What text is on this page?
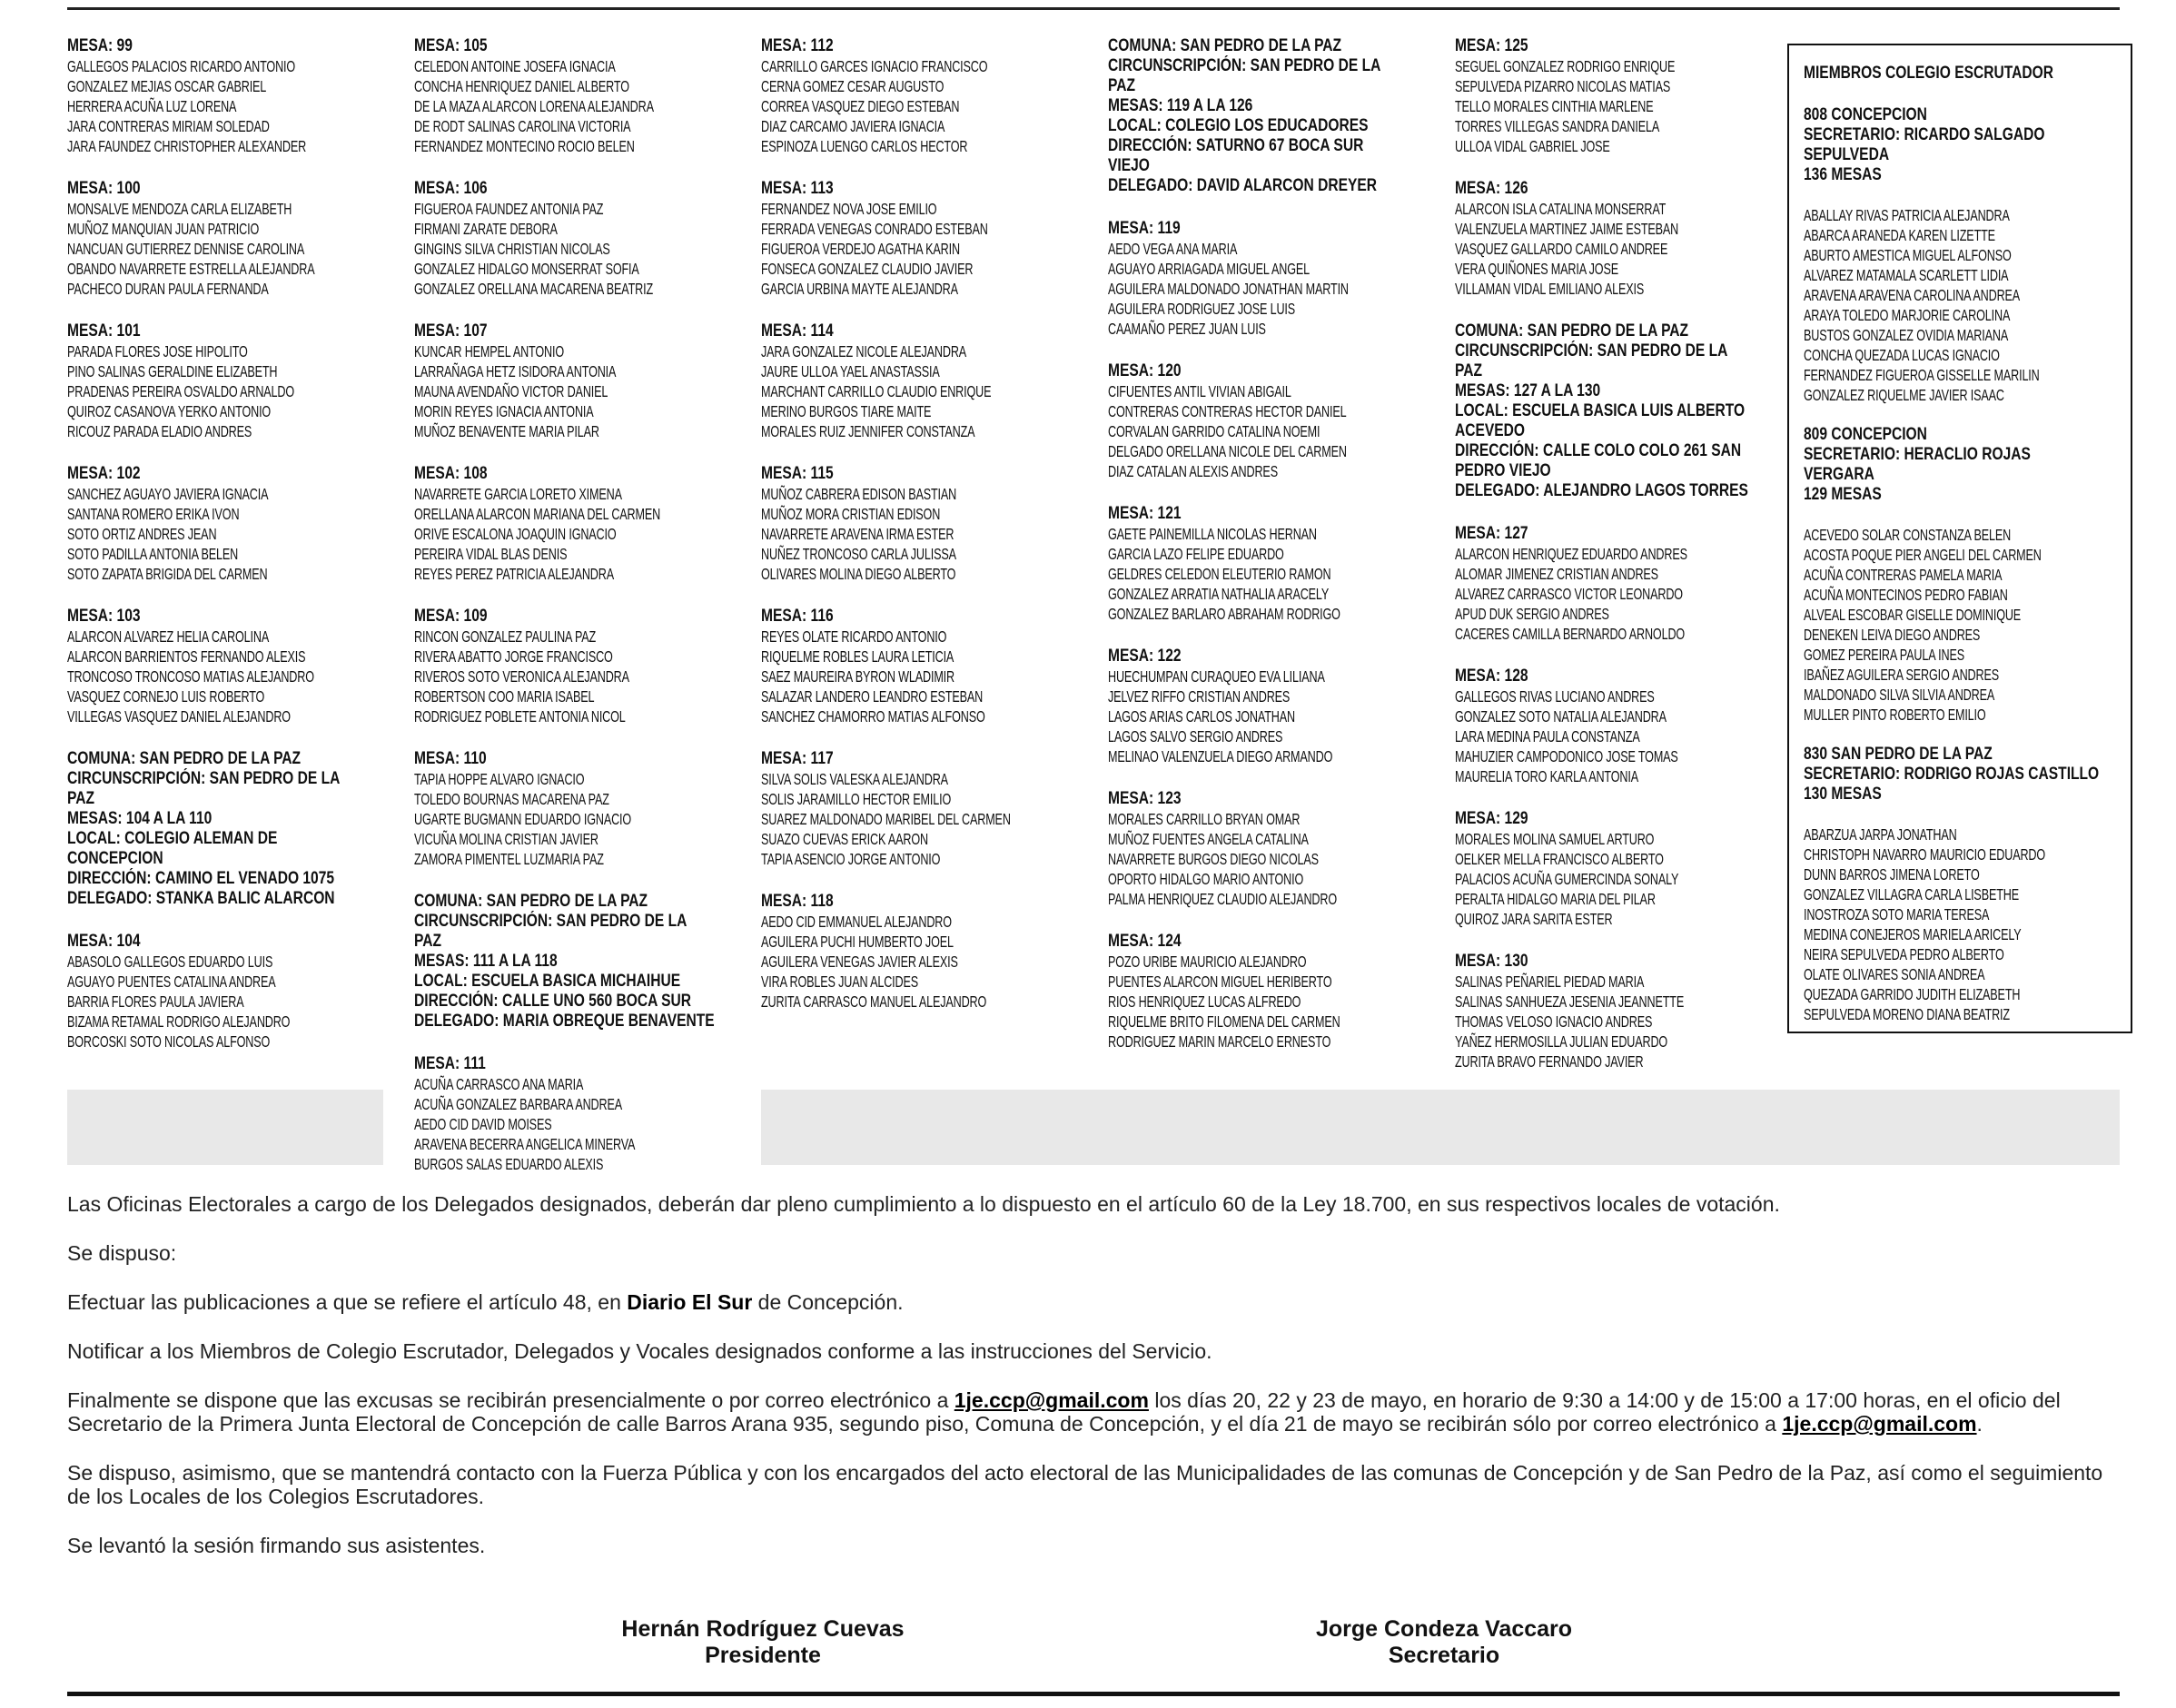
MESA: 99
GALLEGOS PALACIOS RICARDO ANTONIO
GONZALEZ MEJIAS OSCAR GABRIEL
HERRERA ACUÑA LUZ LORENA
JARA CONTRERAS MIRIAM SOLEDAD
JARA FAUNDEZ CHRISTOPHER ALEXANDER
MESA: 100
MONSALVE MENDOZA CARLA ELIZABETH
MUÑOZ MANQUIAN JUAN PATRICIO
NANCUAN GUTIERREZ DENNISE CAROLINA
OBANDO NAVARRETE ESTRELLA ALEJANDRA
PACHECO DURAN PAULA FERNANDA
MESA: 101
PARADA FLORES JOSE HIPOLITO
PINO SALINAS GERALDINE ELIZABETH
PRADENAS PEREIRA OSVALDO ARNALDO
QUIROZ CASANOVA YERKO ANTONIO
RICOUZ PARADA ELADIO ANDRES
MESA: 102
SANCHEZ AGUAYO JAVIERA IGNACIA
SANTANA ROMERO ERIKA IVON
SOTO ORTIZ ANDRES JEAN
SOTO PADILLA ANTONIA BELEN
SOTO ZAPATA BRIGIDA DEL CARMEN
MESA: 103
ALARCON ALVAREZ HELIA CAROLINA
ALARCON BARRIENTOS FERNANDO ALEXIS
TRONCOSO TRONCOSO MATIAS ALEJANDRO
VASQUEZ CORNEJO LUIS ROBERTO
VILLEGAS VASQUEZ DANIEL ALEJANDRO
COMUNA: SAN PEDRO DE LA PAZ
CIRCUNSCRIPCIÓN: SAN PEDRO DE LA
PAZ
MESAS: 104 A LA 110
LOCAL: COLEGIO ALEMAN DE
CONCEPCION
DIRECCIÓN: CAMINO EL VENADO 1075
DELEGADO: STANKA BALIC ALARCON
MESA: 104
ABASOLO GALLEGOS EDUARDO LUIS
AGUAYO PUENTES CATALINA ANDREA
BARRIA FLORES PAULA JAVIERA
BIZAMA RETAMAL RODRIGO ALEJANDRO
BORCOSKI SOTO NICOLAS ALFONSO
MESA: 105
CELEDON ANTOINE JOSEFA IGNACIA
CONCHA HENRIQUEZ DANIEL ALBERTO
DE LA MAZA ALARCON LORENA ALEJANDRA
DE RODT SALINAS CAROLINA VICTORIA
FERNANDEZ MONTECINO ROCIO BELEN
MESA: 106
FIGUEROA FAUNDEZ ANTONIA PAZ
FIRMANI ZARATE DEBORA
GINGINS SILVA CHRISTIAN NICOLAS
GONZALEZ HIDALGO MONSERRAT SOFIA
GONZALEZ ORELLANA MACARENA BEATRIZ
MESA: 107
KUNCAR HEMPEL ANTONIO
LARRAÑAGA HETZ ISIDORA ANTONIA
MAUNA AVENDAÑO VICTOR DANIEL
MORIN REYES IGNACIA ANTONIA
MUÑOZ BENAVENTE MARIA PILAR
MESA: 108
NAVARRETE GARCIA LORETO XIMENA
ORELLANA ALARCON MARIANA DEL CARMEN
ORIVE ESCALONA JOAQUIN IGNACIO
PEREIRA VIDAL BLAS DENIS
REYES PEREZ PATRICIA ALEJANDRA
MESA: 109
RINCON GONZALEZ PAULINA PAZ
RIVERA ABATTO JORGE FRANCISCO
RIVEROS SOTO VERONICA ALEJANDRA
ROBERTSON COO MARIA ISABEL
RODRIGUEZ POBLETE ANTONIA NICOL
MESA: 110
TAPIA HOPPE ALVARO IGNACIO
TOLEDO BOURNAS MACARENA PAZ
UGARTE BUGMANN EDUARDO IGNACIO
VICUÑA MOLINA CRISTIAN JAVIER
ZAMORA PIMENTEL LUZMARIA PAZ
COMUNA: SAN PEDRO DE LA PAZ
CIRCUNSCRIPCIÓN: SAN PEDRO DE LA
PAZ
MESAS: 111 A LA 118
LOCAL: ESCUELA BASICA MICHAIHUE
DIRECCIÓN: CALLE UNO 560 BOCA SUR
DELEGADO: MARIA OBREQUE BENAVENTE
MESA: 111
ACUÑA CARRASCO ANA MARIA
ACUÑA GONZALEZ BARBARA ANDREA
AEDO CID DAVID MOISES
ARAVENA BECERRA ANGELICA MINERVA
BURGOS SALAS EDUARDO ALEXIS
MESA: 112
CARRILLO GARCES IGNACIO FRANCISCO
CERNA GOMEZ CESAR AUGUSTO
CORREA VASQUEZ DIEGO ESTEBAN
DIAZ CARCAMO JAVIERA IGNACIA
ESPINOZA LUENGO CARLOS HECTOR
MESA: 113
FERNANDEZ NOVA JOSE EMILIO
FERRADA VENEGAS CONRADO ESTEBAN
FIGUEROA VERDEJO AGATHA KARIN
FONSECA GONZALEZ CLAUDIO JAVIER
GARCIA URBINA MAYTE ALEJANDRA
MESA: 114
JARA GONZALEZ NICOLE ALEJANDRA
JAURE ULLOA YAEL ANASTASSIA
MARCHANT CARRILLO CLAUDIO ENRIQUE
MERINO BURGOS TIARE MAITE
MORALES RUIZ JENNIFER CONSTANZA
MESA: 115
MUÑOZ CABRERA EDISON BASTIAN
MUÑOZ MORA CRISTIAN EDISON
NAVARRETE ARAVENA IRMA ESTER
NUÑEZ TRONCOSO CARLA JULISSA
OLIVARES MOLINA DIEGO ALBERTO
MESA: 116
REYES OLATE RICARDO ANTONIO
RIQUELME ROBLES LAURA LETICIA
SAEZ MAUREIRA BYRON WLADIMIR
SALAZAR LANDERO LEANDRO ESTEBAN
SANCHEZ CHAMORRO MATIAS ALFONSO
MESA: 117
SILVA SOLIS VALESKA ALEJANDRA
SOLIS JARAMILLO HECTOR EMILIO
SUAREZ MALDONADO MARIBEL DEL CARMEN
SUAZO CUEVAS ERICK AARON
TAPIA ASENCIO JORGE ANTONIO
MESA: 118
AEDO CID EMMANUEL ALEJANDRO
AGUILERA PUCHI HUMBERTO JOEL
AGUILERA VENEGAS JAVIER ALEXIS
VIRA ROBLES JUAN ALCIDES
ZURITA CARRASCO MANUEL ALEJANDRO
COMUNA: SAN PEDRO DE LA PAZ
CIRCUNSCRIPCIÓN: SAN PEDRO DE LA
PAZ
MESAS: 119 A LA 126
LOCAL: COLEGIO LOS EDUCADORES
DIRECCIÓN: SATURNO 67 BOCA SUR
VIEJO
DELEGADO: DAVID ALARCON DREYER
MESA: 119
AEDO VEGA ANA MARIA
AGUAYO ARRIAGADA MIGUEL ANGEL
AGUILERA MALDONADO JONATHAN MARTIN
AGUILERA RODRIGUEZ JOSE LUIS
CAAMAÑO PEREZ JUAN LUIS
MESA: 120
CIFUENTES ANTIL VIVIAN ABIGAIL
CONTRERAS CONTRERAS HECTOR DANIEL
CORVALAN GARRIDO CATALINA NOEMI
DELGADO ORELLANA NICOLE DEL CARMEN
DIAZ CATALAN ALEXIS ANDRES
MESA: 121
GAETE PAINEMILLA NICOLAS HERNAN
GARCIA LAZO FELIPE EDUARDO
GELDRES CELEDON ELEUTERIO RAMON
GONZALEZ ARRATIA NATHALIA ARACELY
GONZALEZ BARLARO ABRAHAM RODRIGO
MESA: 122
HUECHUMPAN CURAQUEO EVA LILIANA
JELVEZ RIFFO CRISTIAN ANDRES
LAGOS ARIAS CARLOS JONATHAN
LAGOS SALVO SERGIO ANDRES
MELINAO VALENZUELA DIEGO ARMANDO
MESA: 123
MORALES CARRILLO BRYAN OMAR
MUÑOZ FUENTES ANGELA CATALINA
NAVARRETE BURGOS DIEGO NICOLAS
OPORTO HIDALGO MARIO ANTONIO
PALMA HENRIQUEZ CLAUDIO ALEJANDRO
MESA: 124
POZO URIBE MAURICIO ALEJANDRO
PUENTES ALARCON MIGUEL HERIBERTO
RIOS HENRIQUEZ LUCAS ALFREDO
RIQUELME BRITO FILOMENA DEL CARMEN
RODRIGUEZ MARIN MARCELO ERNESTO
MESA: 125
SEGUEL GONZALEZ RODRIGO ENRIQUE
SEPULVEDA PIZARRO NICOLAS MATIAS
TELLO MORALES CINTHIA MARLENE
TORRES VILLEGAS SANDRA DANIELA
ULLOA VIDAL GABRIEL JOSE
MESA: 126
ALARCON ISLA CATALINA MONSERRAT
VALENZUELA MARTINEZ JAIME ESTEBAN
VASQUEZ GALLARDO CAMILO ANDREE
VERA QUIÑONES MARIA JOSE
VILLAMAN VIDAL EMILIANO ALEXIS
COMUNA: SAN PEDRO DE LA PAZ
CIRCUNSCRIPCIÓN: SAN PEDRO DE LA
PAZ
MESAS: 127 A LA 130
LOCAL: ESCUELA BASICA LUIS ALBERTO
ACEVEDO
DIRECCIÓN: CALLE COLO COLO 261 SAN
PEDRO VIEJO
DELEGADO: ALEJANDRO LAGOS TORRES
MESA: 127
ALARCON HENRIQUEZ EDUARDO ANDRES
ALOMAR JIMENEZ CRISTIAN ANDRES
ALVAREZ CARRASCO VICTOR LEONARDO
APUD DUK SERGIO ANDRES
CACERES CAMILLA BERNARDO ARNOLDO
MESA: 128
GALLEGOS RIVAS LUCIANO ANDRES
GONZALEZ SOTO NATALIA ALEJANDRA
LARA MEDINA PAULA CONSTANZA
MAHUZIER CAMPODONICO JOSE TOMAS
MAURELIA TORO KARLA ANTONIA
MESA: 129
MORALES MOLINA SAMUEL ARTURO
OELKER MELLA FRANCISCO ALBERTO
PALACIOS ACUÑA GUMERCINDA SONALY
PERALTA HIDALGO MARIA DEL PILAR
QUIROZ JARA SARITA ESTER
MESA: 130
SALINAS PEÑARIEL PIEDAD MARIA
SALINAS SANHUEZA JESENIA JEANNETTE
THOMAS VELOSO IGNACIO ANDRES
YAÑEZ HERMOSILLA JULIAN EDUARDO
ZURITA BRAVO FERNANDO JAVIER
MIEMBROS COLEGIO ESCRUTADOR
808 CONCEPCION
SECRETARIO: RICARDO SALGADO
SEPULVEDA
136 MESAS
ABALLAY RIVAS PATRICIA ALEJANDRA
ABARCA ARANEDA KAREN LIZETTE
ABURTO AMESTICA MIGUEL ALFONSO
ALVAREZ MATAMALA SCARLETT LIDIA
ARAVENA ARAVENA CAROLINA ANDREA
ARAYA TOLEDO MARJORIE CAROLINA
BUSTOS GONZALEZ OVIDIA MARIANA
CONCHA QUEZADA LUCAS IGNACIO
FERNANDEZ FIGUEROA GISSELLE MARILIN
GONZALEZ RIQUELME JAVIER ISAAC
809 CONCEPCION
SECRETARIO: HERACLIO ROJAS
VERGARA
129 MESAS
ACEVEDO SOLAR CONSTANZA BELEN
ACOSTA POQUE PIER ANGELI DEL CARMEN
ACUÑA CONTRERAS PAMELA MARIA
ACUÑA MONTECINOS PEDRO FABIAN
ALVEAL ESCOBAR GISELLE DOMINIQUE
DENEKEN LEIVA DIEGO ANDRES
GOMEZ PEREIRA PAULA INES
IBAÑEZ AGUILERA SERGIO ANDRES
MALDONADO SILVA SILVIA ANDREA
MULLER PINTO ROBERTO EMILIO
830 SAN PEDRO DE LA PAZ
SECRETARIO: RODRIGO ROJAS CASTILLO
130 MESAS
ABARZUA JARPA JONATHAN
CHRISTOPH NAVARRO MAURICIO EDUARDO
DUNN BARROS JIMENA LORETO
GONZALEZ VILLAGRA CARLA LISBETHE
INOSTROZA SOTO MARIA TERESA
MEDINA CONEJEROS MARIELA ARICELY
NEIRA SEPULVEDA PEDRO ALBERTO
OLATE OLIVARES SONIA ANDREA
QUEZADA GARRIDO JUDITH ELIZABETH
SEPULVEDA MORENO DIANA BEATRIZ

Las Oficinas Electorales a cargo de los Delegados designados, deberán dar pleno cumplimiento a lo dispuesto en el artículo 60 de la Ley 18.700, en sus respectivos locales de votación.

Se dispuso:

Efectuar las publicaciones a que se refiere el artículo 48, en Diario El Sur de Concepción.

Notificar a los Miembros de Colegio Escrutador, Delegados y Vocales designados conforme a las instrucciones del Servicio.

Finalmente se dispone que las excusas se recibirán presencialmente o por correo electrónico a 1je.ccp@gmail.com los días 20, 22 y 23 de mayo, en horario de 9:30 a 14:00 y de 15:00 a 17:00 horas, en el oficio del Secretario de la Primera Junta Electoral de Concepción de calle Barros Arana 935, segundo piso, Comuna de Concepción, y el día 21 de mayo se recibirán sólo por correo electrónico a 1je.ccp@gmail.com.

Se dispuso, asimismo, que se mantendrá contacto con la Fuerza Pública y con los encargados del acto electoral de las Municipalidades de las comunas de Concepción y de San Pedro de la Paz, así como el seguimiento de los Locales de los Colegios Escrutadores.

Se levantó la sesión firmando sus asistentes.

Hernán Rodríguez Cuevas
Presidente
Jorge Condeza Vaccaro
Secretario
